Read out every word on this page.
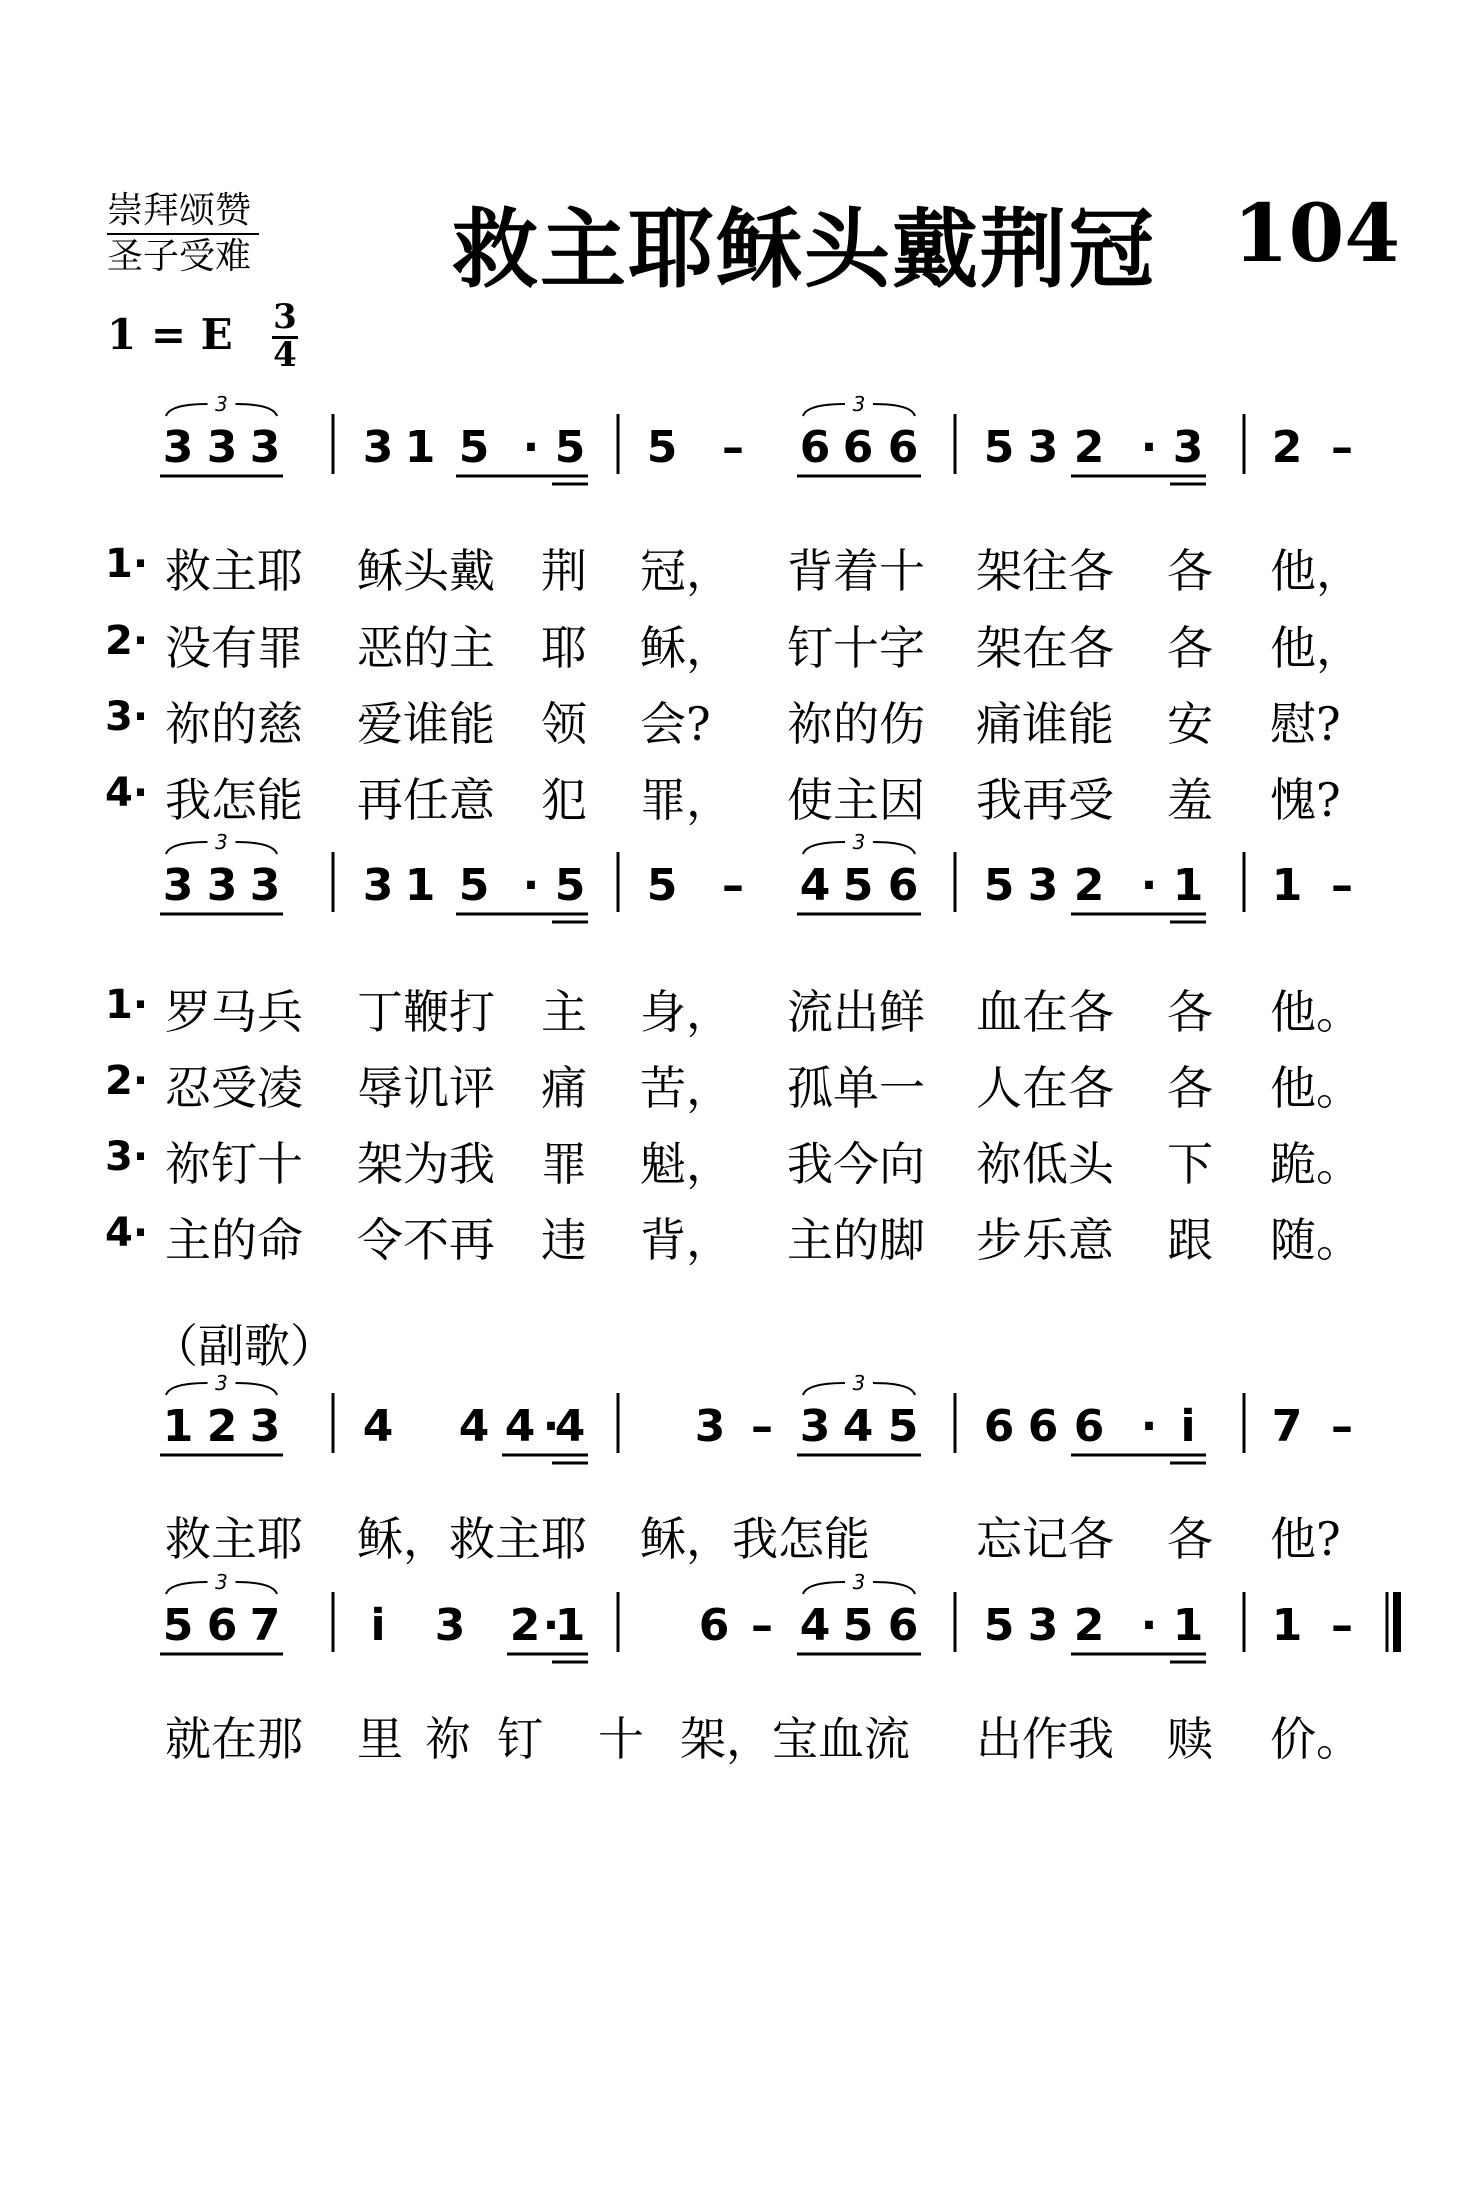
崇拜颂赞
圣子受难 救主耶稣头戴荆冠 104
1 = E 3
4
3 3 3 3 1 5 · 5 5 – 6 6 6 5 3 2 · 3 2 –
3	3
3 3 3 3 1 5 · 5 5 – 4 5 6 5 3 2 · 1 1 –
3	3
1 2 3 4 4 4 ·
4 3 – 3 4 5 6 6 6 · i̇ 7 –
3	3
5 6 7 i̇ 3 2 ·
1	6 – 4 5 6 5 3 2 · 1 1 –
3	3
1· 救主耶 稣头戴 荆 冠， 背着十 架往各 各 他，
2· 没有罪 恶的主 耶 稣， 钉十字 架在各 各 他，
3· 祢的慈 爱谁能 领 会? 祢的伤 痛谁能 安 慰?
4· 我怎能 再任意 犯 罪， 使主因 我再受 羞 愧?
1· 罗马兵 丁鞭打 主 身， 流出鲜 血在各 各 他。
2· 忍受凌 辱讥评 痛 苦， 孤单一 人在各 各 他。
3· 祢钉十 架为我 罪 魁， 我今向 祢低头 下 跪。
4· 主的命 令不再 违 背， 主的脚 步乐意 跟 随。
救主耶 稣，救主 耶 稣，我怎能 忘记各 各 他?
就在那 里 祢 钉 十 架，宝血流 出作我 赎 价。
（副歌）
